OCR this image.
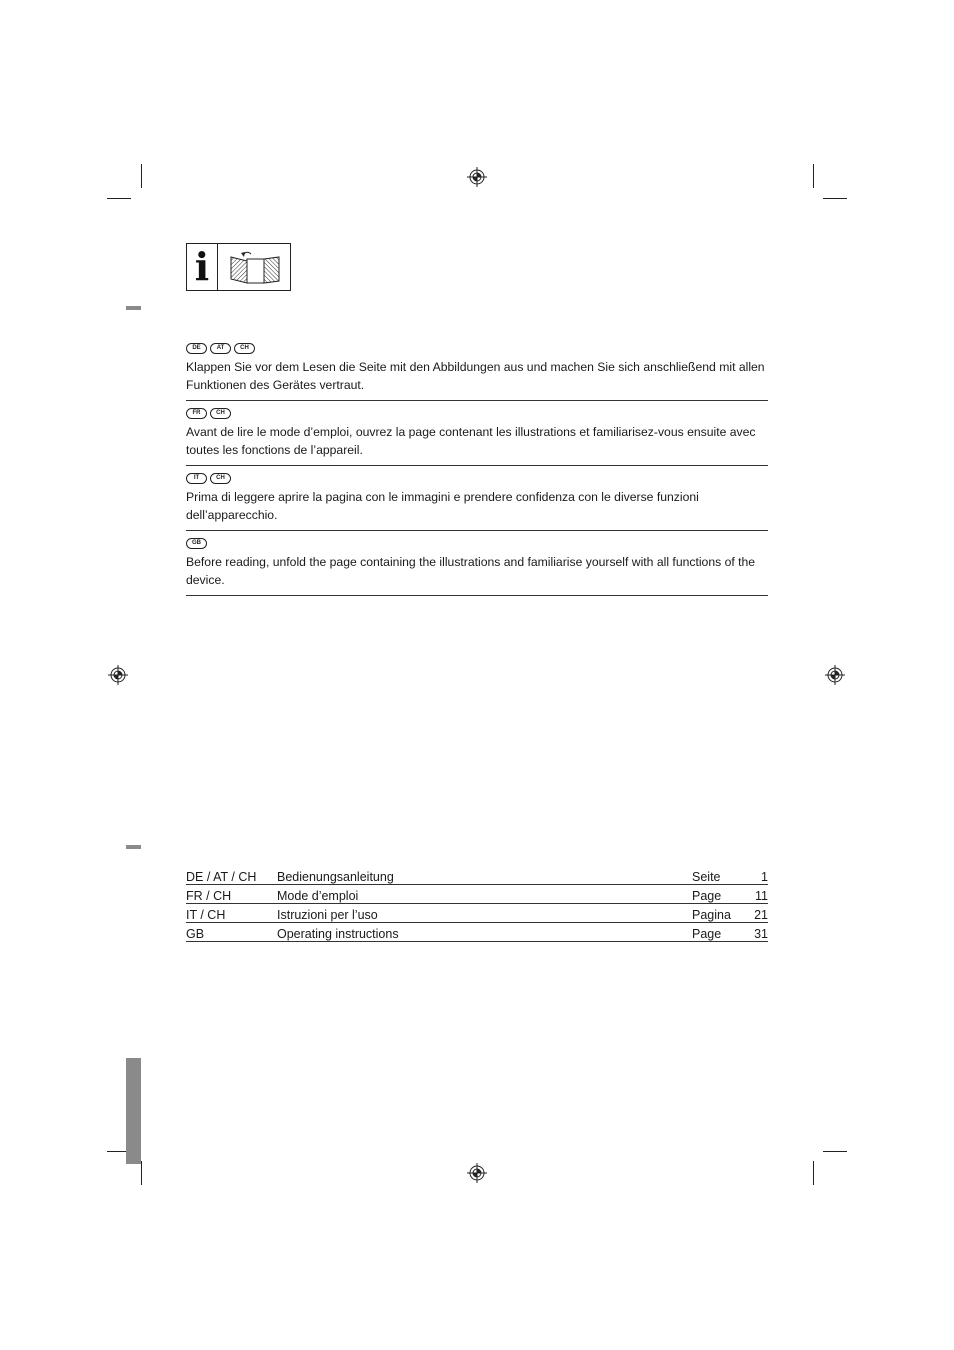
i
DE	AT	CH

Klappen Sie vor dem Lesen die Seite mit den Abbildungen aus und machen Sie sich anschließend mit allen Funktionen des Gerätes vertraut.

FR	CH

Avant de lire le mode d’emploi, ouvrez la page contenant les illustrations et familiarisez-vous ensuite avec toutes les fonctions de l’appareil.

IT	CH

Prima di leggere aprire la pagina con le immagini e prendere confidenza con le diverse funzioni dell’apparecchio.

GB

Before reading, unfold the page containing the illustrations and familiarise yourself with all functions of the device.

DE / AT / CH	Bedienungsanleitung	Seite	1
FR / CH	Mode d’emploi	Page	11
IT / CH	Istruzioni per l’uso	Pagina	21
GB	Operating instructions	Page	31
